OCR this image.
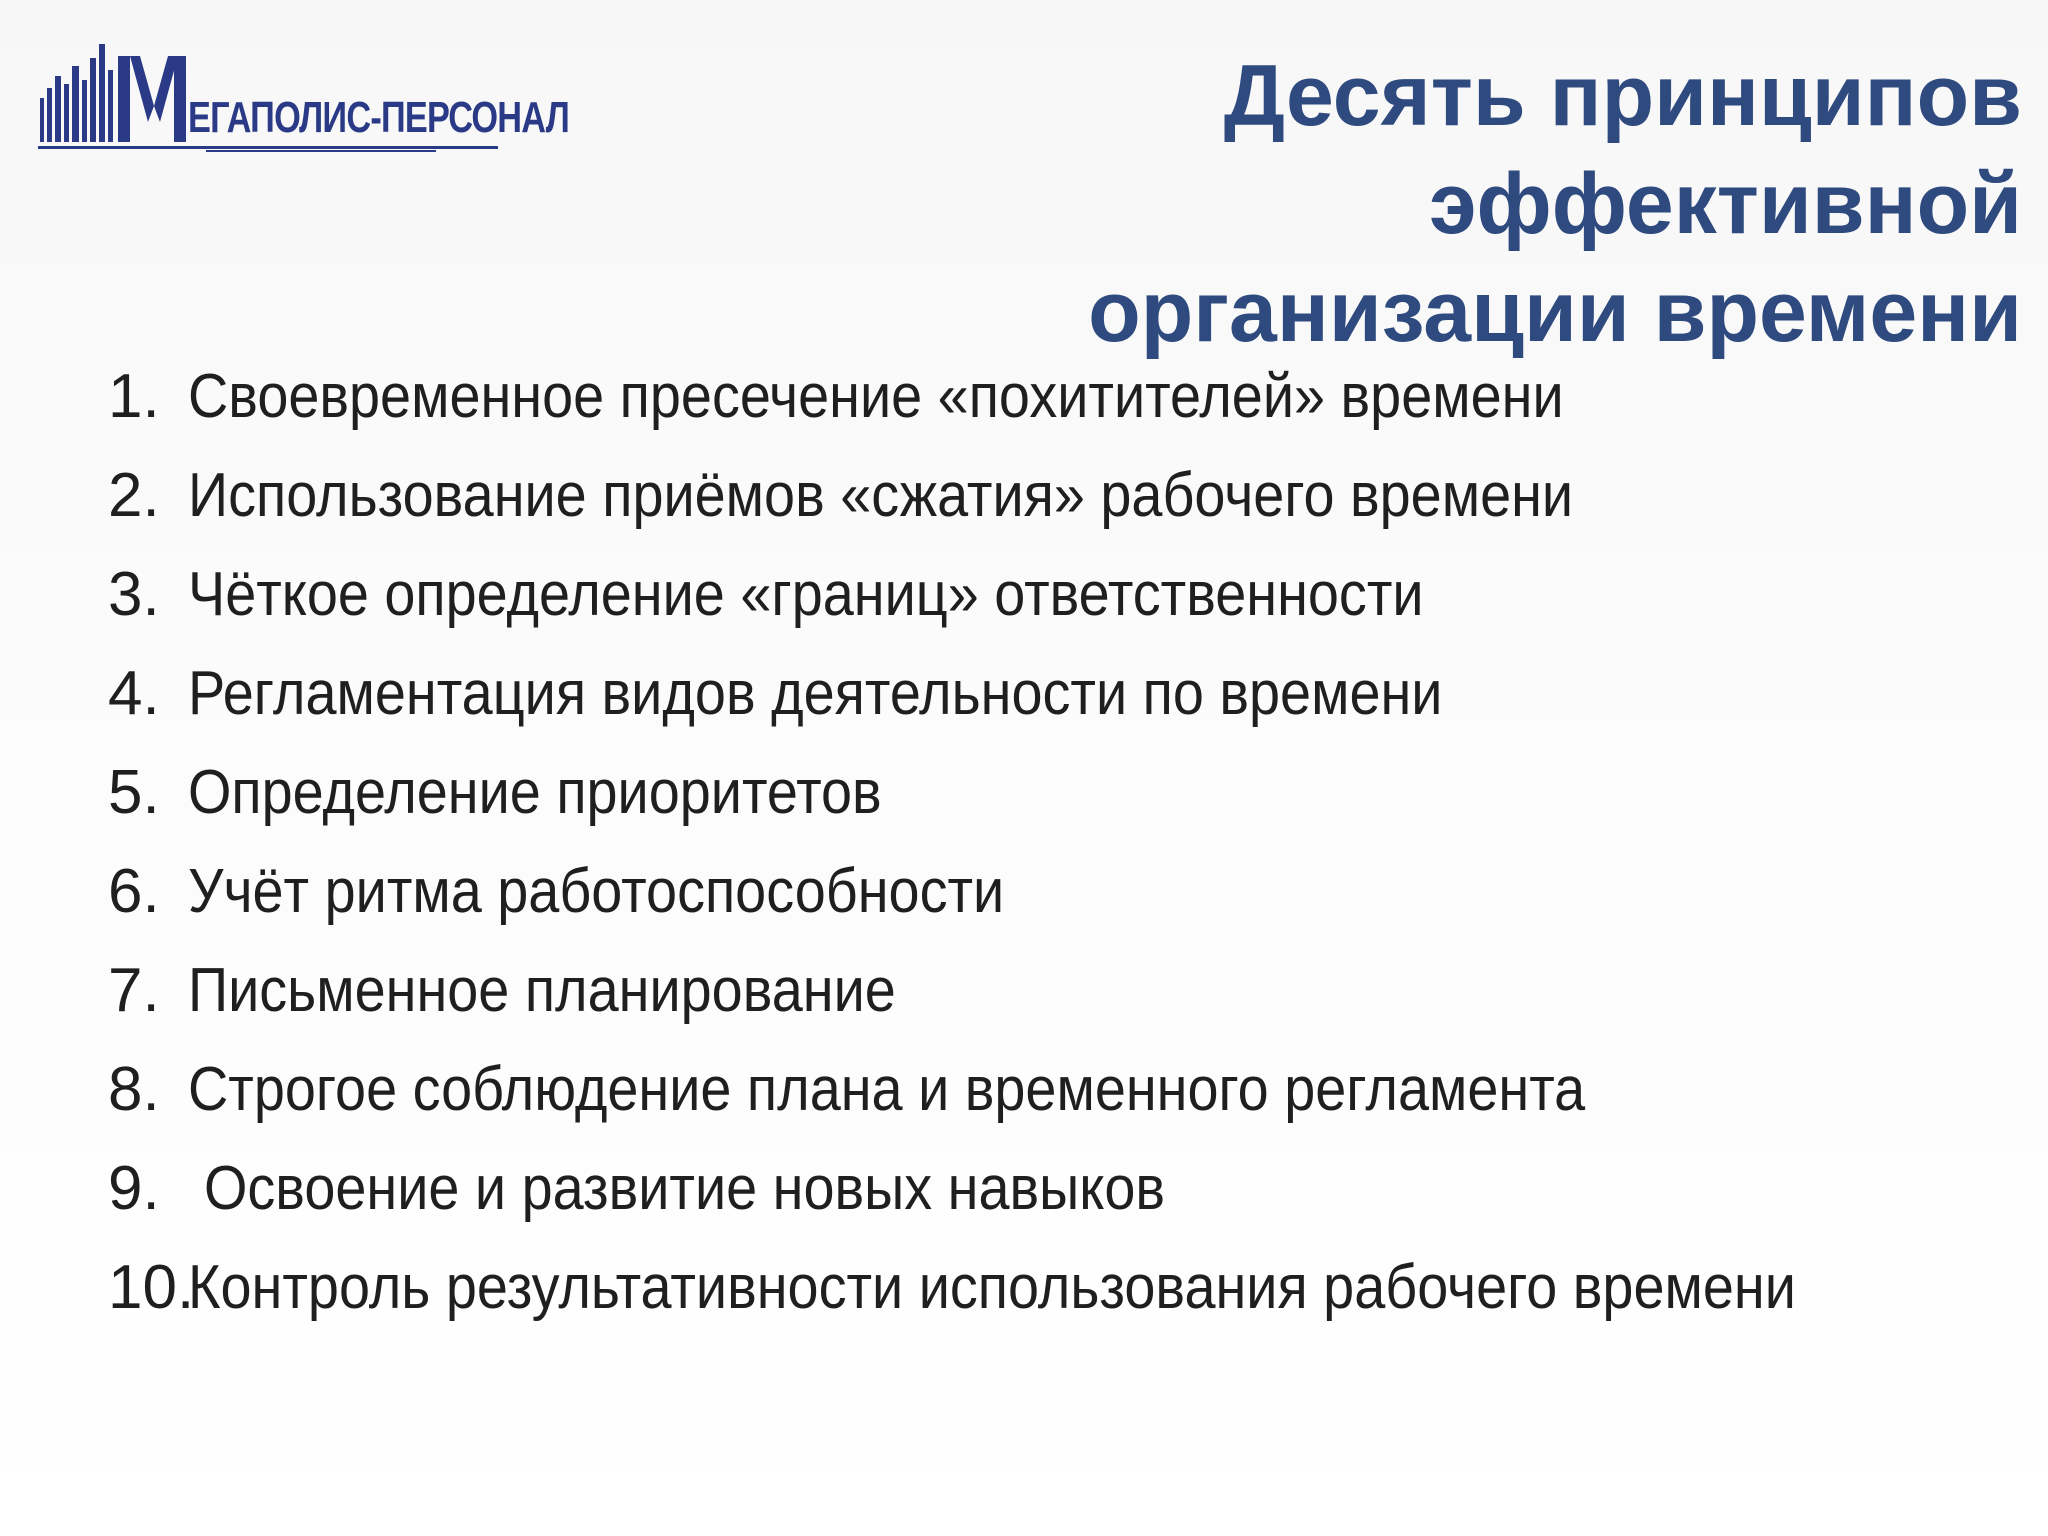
ЕГАПОЛИС-ПЕРСОНАЛ	Десять принципов эффективной
организации времени
1. Своевременное пресечение «похитителей» времени
2. Использование приёмов «сжатия» рабочего времени
3. Чёткое определение «границ» ответственности
4. Регламентация видов деятельности по времени
5. Определение приоритетов
6. Учёт ритма работоспособности
7. Письменное планирование
8. Строгое соблюдение плана и временного регламента
9. Освоение и развитие новых навыков
10.
Контроль результативности использования рабочего времени
